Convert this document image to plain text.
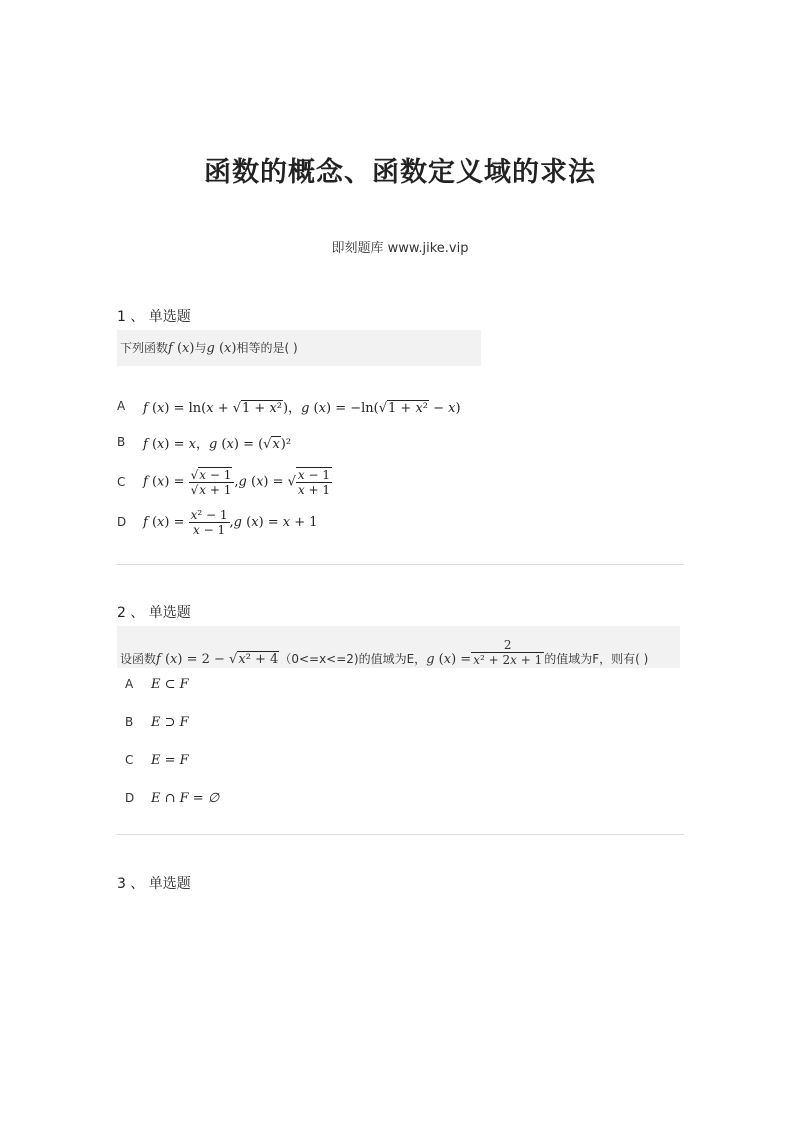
函数的概念、函数定义域的求法
即刻题库 www.jike.vip
1 、 单选题
下列函数f (x)与g (x)相等的是( )
A	f (x) = ln(x + √1 + x²)，g (x) = −ln(√1 + x² − x)
B	f (x) = x，g (x) = (√x)²
C	f $(x) = \frac{√x - 1}{√x + 1} ,g$ (x) = √ $\frac{x - 1}{x + 1}$
D	f $(x) = \frac{\text{x² − 1}}{x - 1} ,g$ (x) = x + 1
2 、 单选题
设函数f (x) = 2 − √x² + 4（0<=x<=2)的值域为E，g $(x) = \frac{2}{\text{x² + 2x + 1}}$ 的值域为F，则有( )
A	E ⊂ F
B	E ⊃ F
C	E = F
D	E ∩ F = ∅
3 、 单选题
